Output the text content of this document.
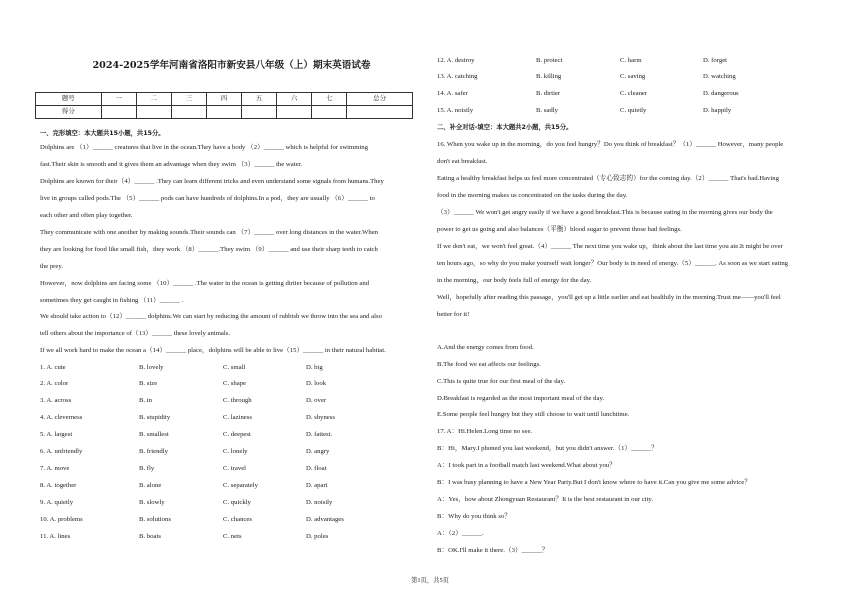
2024-2025学年河南省洛阳市新安县八年级（上）期末英语试卷
题号	一	二	三	四	五	六	七	总分
得分								
一、完形填空：本大题共15小题，共15分。
Dolphins are （1）______ creatures that live in the ocean.They have a body （2）______ which is helpful for swimming
fast.Their skin is smooth and it gives them an advantage when they swim （3）______ the water.
Dolphins are known for their（4）______ .They can learn different tricks and even understand some signals from humans.They
live in groups called pods.The （5）______ pods can have hundreds of dolphins.In a pod，they are usually （6）______ to
each other and often play together.
They communicate with one another by making sounds.Their sounds can （7）______ over long distances in the water.When
they are looking for food like small fish，they work （8）______.They swim （9）______ and use their sharp teeth to catch
the prey.
However，now dolphins are facing some （10）______ .The water in the ocean is getting dirtier because of pollution and
sometimes they get caught in fishing （11）______ .
We should take action to（12）______ dolphins.We can start by reducing the amount of rubbish we throw into the sea and also
tell others about the importance of（13）______ these lovely animals.
If we all work hard to make the ocean a（14）______ place，dolphins will be able to live（15）______ in their natural habitat.
1. A. cute	B. lovely	C. small	D. big
2. A. color	B. size	C. shape	D. look
3. A. across	B. in	C. through	D. over
4. A. cleverness	B. stupidity	C. laziness	D. shyness
5. A. largest	B. smallest	C. deepest	D. fattest.
6. A. unfriendly	B. friendly	C. lonely	D. angry
7. A. move	B. fly	C. travel	D. float
8. A. together	B. alone	C. separately	D. apart
9. A. quietly	B. slowly	C. quickly	D. noisily
10. A. problems	B. solutions	C. chances	D. advantages
11. A. lines	B. boats	C. nets	D. poles
12. A. destroy	B. protect	C. harm	D. forget
13. A. catching	B. killing	C. saving	D. watching
14. A. safer	B. dirtier	C. cleaner	D. dangerous
15. A. noisily	B. sadly	C. quietly	D. happily
二、补全对话-填空：本大题共2小题，共15分。
16. When you wake up in the morning，do you feel hungry？Do you think of breakfast？（1）______ However，many people
don't eat breakfast.
Eating a healthy breakfast helps us feel more concentrated（专心致志的）for the coming day.（2）______ That's bad.Having
food in the morning makes us concentrated on the tasks during the day.
（3）______ We won't get angry easily if we have a good breakfast.This is because eating in the morning gives our body the
power to get us going and also balances（平衡）blood sugar to prevent those bad feelings.
If we don't eat，we won't feel great.（4）______ The next time you wake up，think about the last time you ate.It might be over
ten hours ago，so why do you make yourself wait longer？Our body is in need of energy.（5）______. As soon as we start eating
in the morning，our body feels full of energy for the day.
Well，hopefully after reading this passage，you'll get up a little earlier and eat healthily in the morning.Trust me——you'll feel
better for it!
A.And the energy comes from food.
B.The food we eat affects our feelings.
C.This is quite true for our first meal of the day.
D.Breakfast is regarded as the most important meal of the day.
E.Some people feel hungry but they still choose to wait until lunchtime.
17. A：Hi.Helen.Long time no see.
B：Hi，Mary.I phoned you last weekend，but you didn't answer.（1）______？
A：I took part in a football match last weekend.What about you？
B：I was busy planning to have a New Year Party.But I don't know where to have it.Can you give me some advice？
A：Yes，how about Zhongyuan Restaurant？It is the best restaurant in our city.
B：Why do you think so？
A：（2）______.
B：OK.I'll make it there.（3）______？
第1页，共5页
